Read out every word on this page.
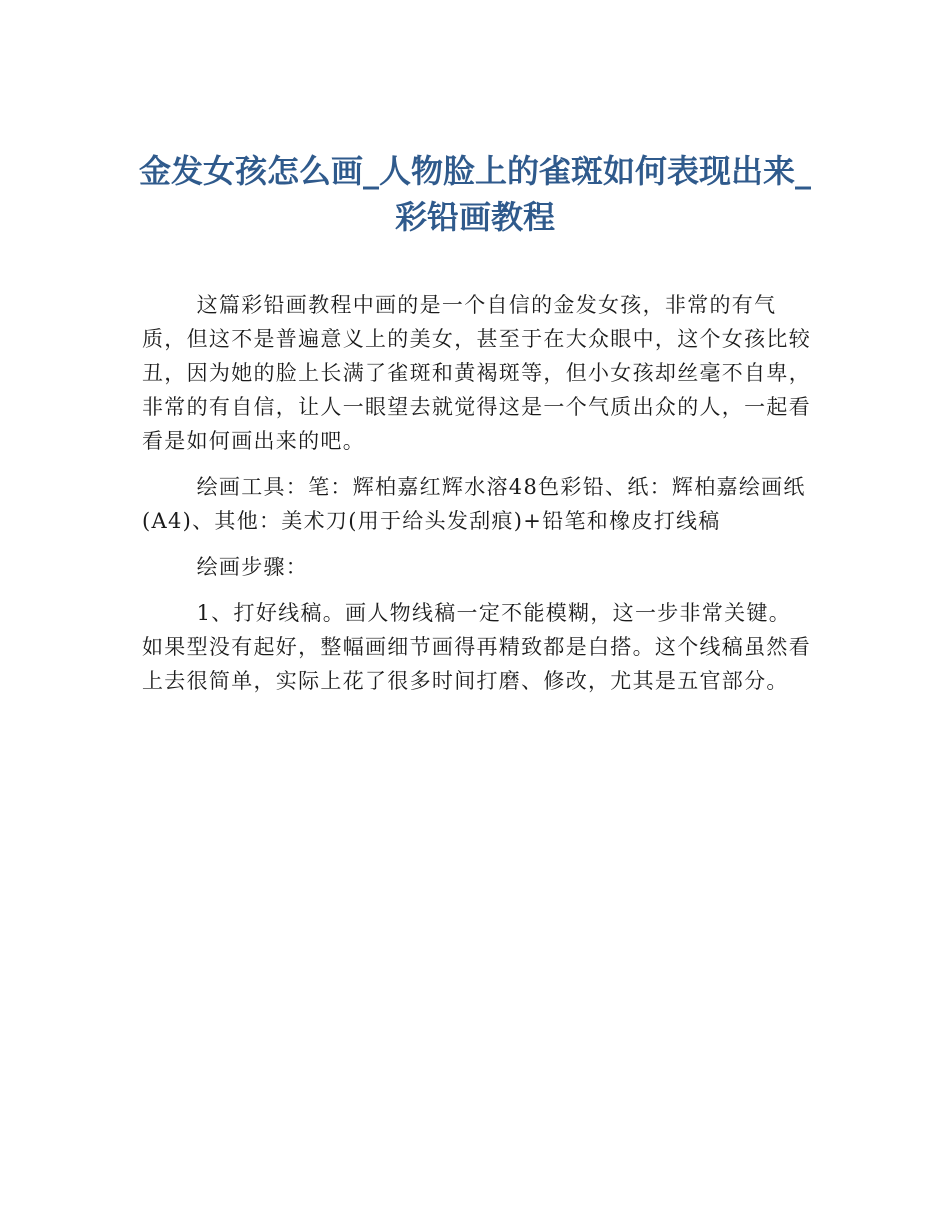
金发女孩怎么画_人物脸上的雀斑如何表现出来_彩铅画教程

这篇彩铅画教程中画的是一个自信的金发女孩，非常的有气质，但这不是普遍意义上的美女，甚至于在大众眼中，这个女孩比较丑，因为她的脸上长满了雀斑和黄褐斑等，但小女孩却丝毫不自卑，非常的有自信，让人一眼望去就觉得这是一个气质出众的人，一起看看是如何画出来的吧。

绘画工具：笔：辉柏嘉红辉水溶48色彩铅、纸：辉柏嘉绘画纸(A4)、其他：美术刀(用于给头发刮痕)+铅笔和橡皮打线稿

绘画步骤：

1、打好线稿。画人物线稿一定不能模糊，这一步非常关键。如果型没有起好，整幅画细节画得再精致都是白搭。这个线稿虽然看上去很简单，实际上花了很多时间打磨、修改，尤其是五官部分。
